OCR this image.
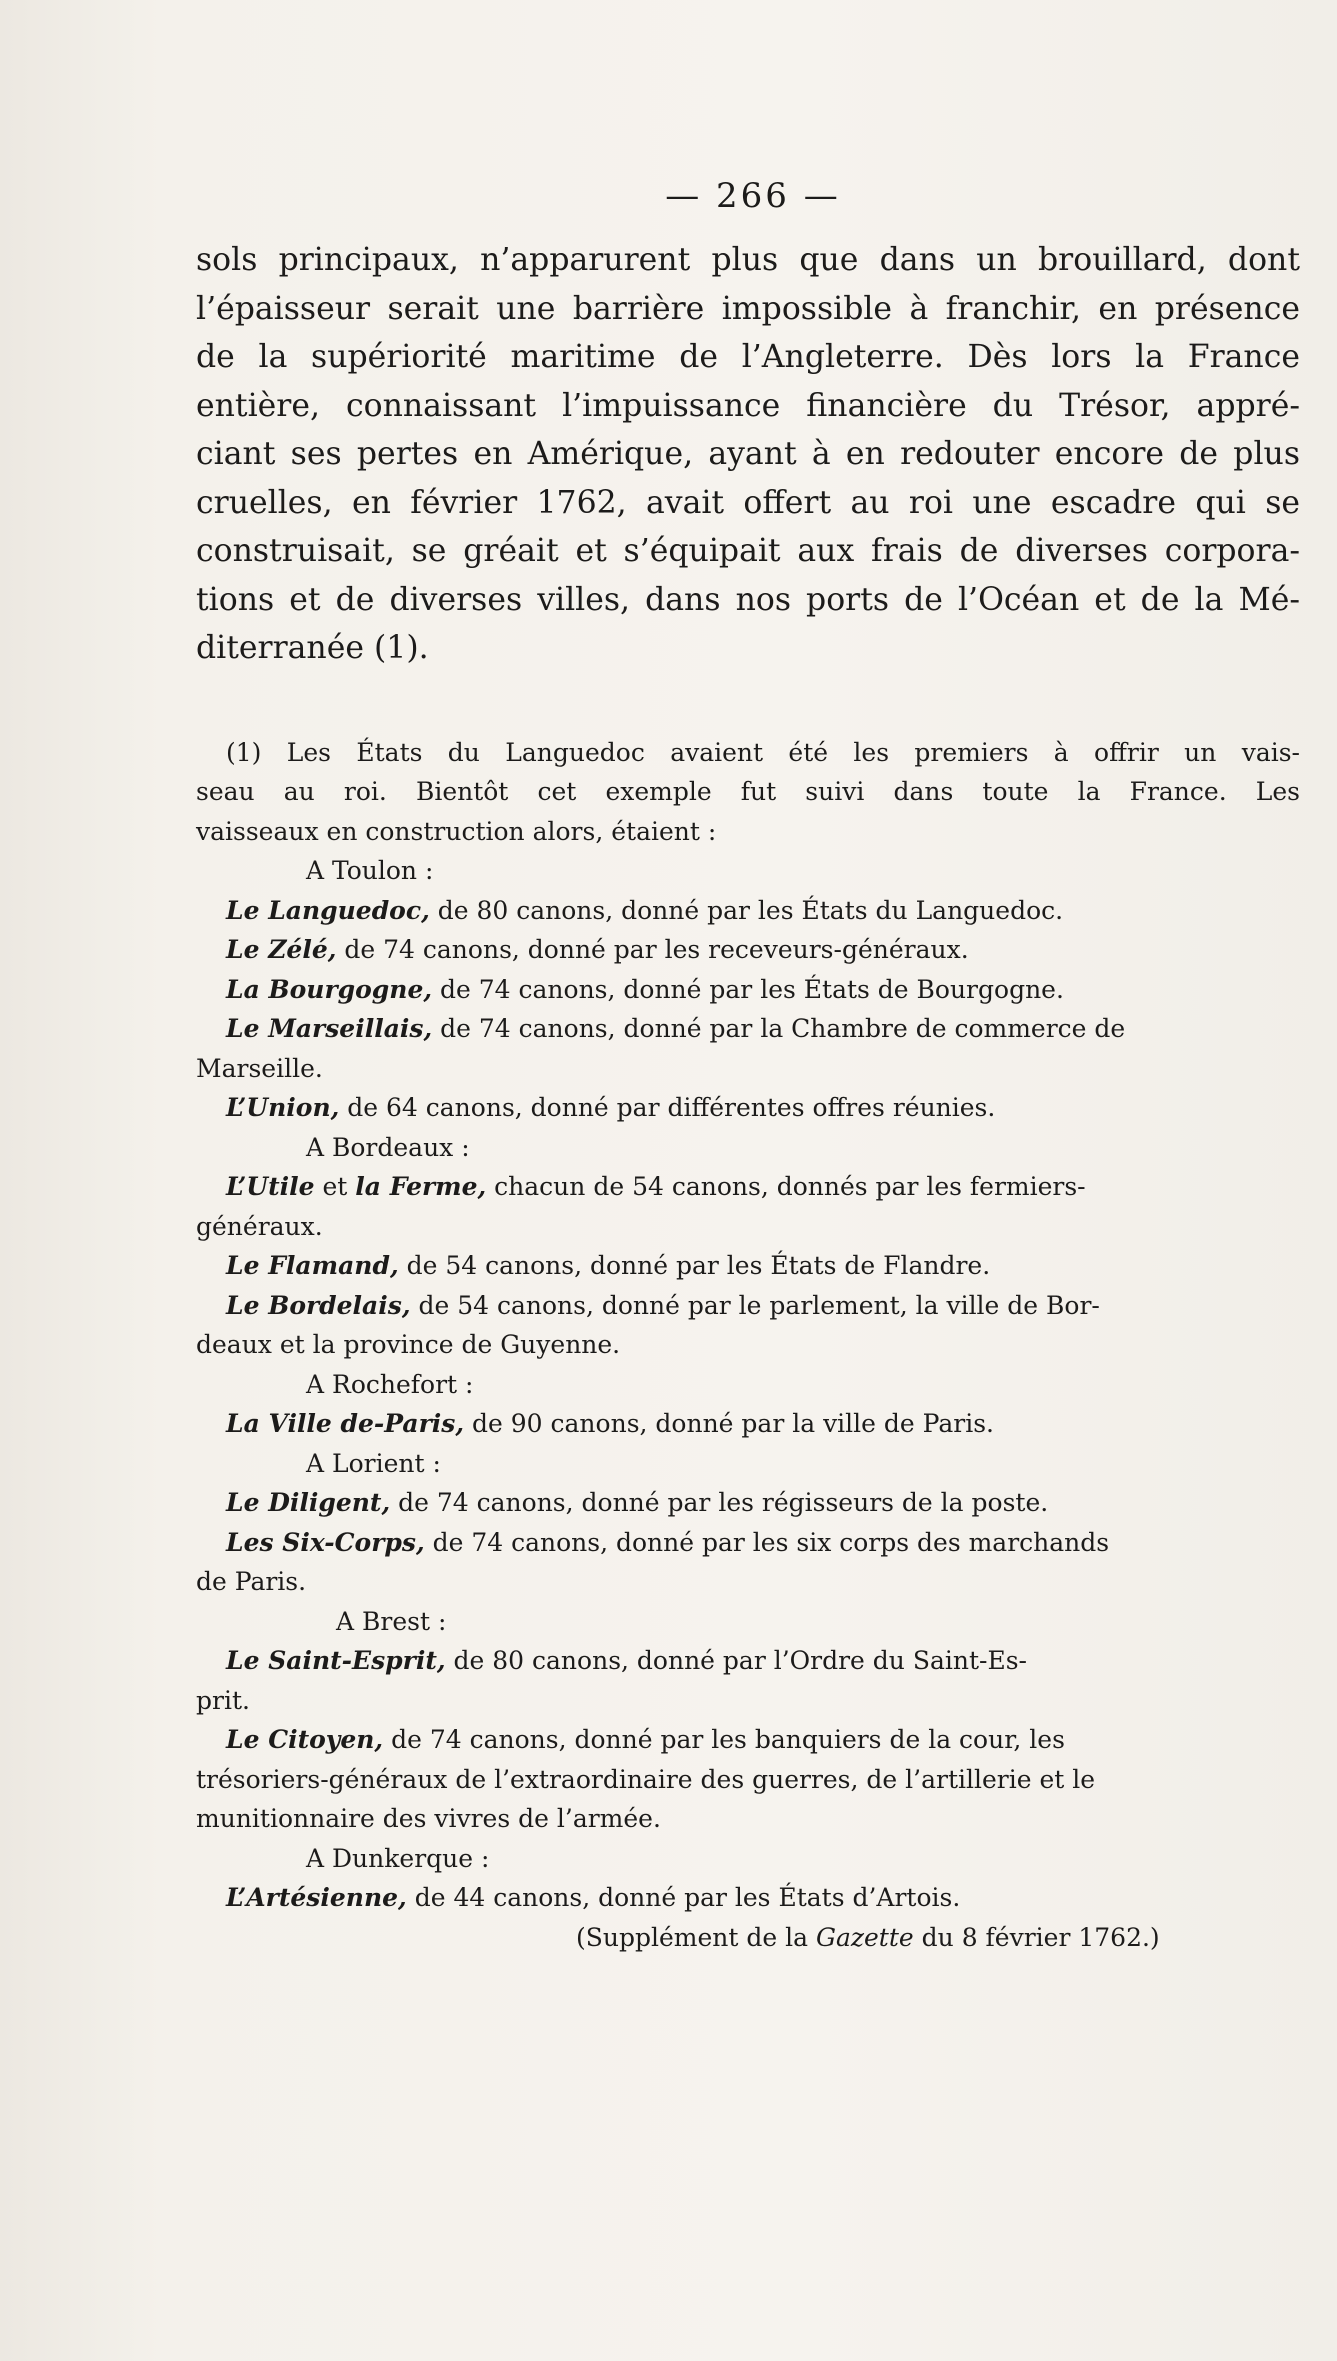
— 266 —

sols principaux, n’apparurent plus que dans un brouillard, dont
l’épaisseur serait une barrière impossible à franchir, en présence
de la supériorité maritime de l’Angleterre. Dès lors la France
entière, connaissant l’impuissance financière du Trésor, appré-
ciant ses pertes en Amérique, ayant à en redouter encore de plus
cruelles, en février 1762, avait offert au roi une escadre qui se
construisait, se gréait et s’équipait aux frais de diverses corpora-
tions et de diverses villes, dans nos ports de l’Océan et de la Mé-
diterranée (1).

(1) Les États du Languedoc avaient été les premiers à offrir un vais-
seau au roi. Bientôt cet exemple fut suivi dans toute la France. Les
vaisseaux en construction alors, étaient :
A Toulon :
Le Languedoc, de 80 canons, donné par les États du Languedoc.
Le Zélé, de 74 canons, donné par les receveurs-généraux.
La Bourgogne, de 74 canons, donné par les États de Bourgogne.
Le Marseillais, de 74 canons, donné par la Chambre de commerce de
Marseille.
L’Union, de 64 canons, donné par différentes offres réunies.
A Bordeaux :
L’Utile et la Ferme, chacun de 54 canons, donnés par les fermiers-
généraux.
Le Flamand, de 54 canons, donné par les États de Flandre.
Le Bordelais, de 54 canons, donné par le parlement, la ville de Bor-
deaux et la province de Guyenne.
A Rochefort :
La Ville de-Paris, de 90 canons, donné par la ville de Paris.
A Lorient :
Le Diligent, de 74 canons, donné par les régisseurs de la poste.
Les Six-Corps, de 74 canons, donné par les six corps des marchands
de Paris.
A Brest :
Le Saint-Esprit, de 80 canons, donné par l’Ordre du Saint-Es-
prit.
Le Citoyen, de 74 canons, donné par les banquiers de la cour, les
trésoriers-généraux de l’extraordinaire des guerres, de l’artillerie et le
munitionnaire des vivres de l’armée.
A Dunkerque :
L’Artésienne, de 44 canons, donné par les États d’Artois.
(Supplément de la Gazette du 8 février 1762.)
